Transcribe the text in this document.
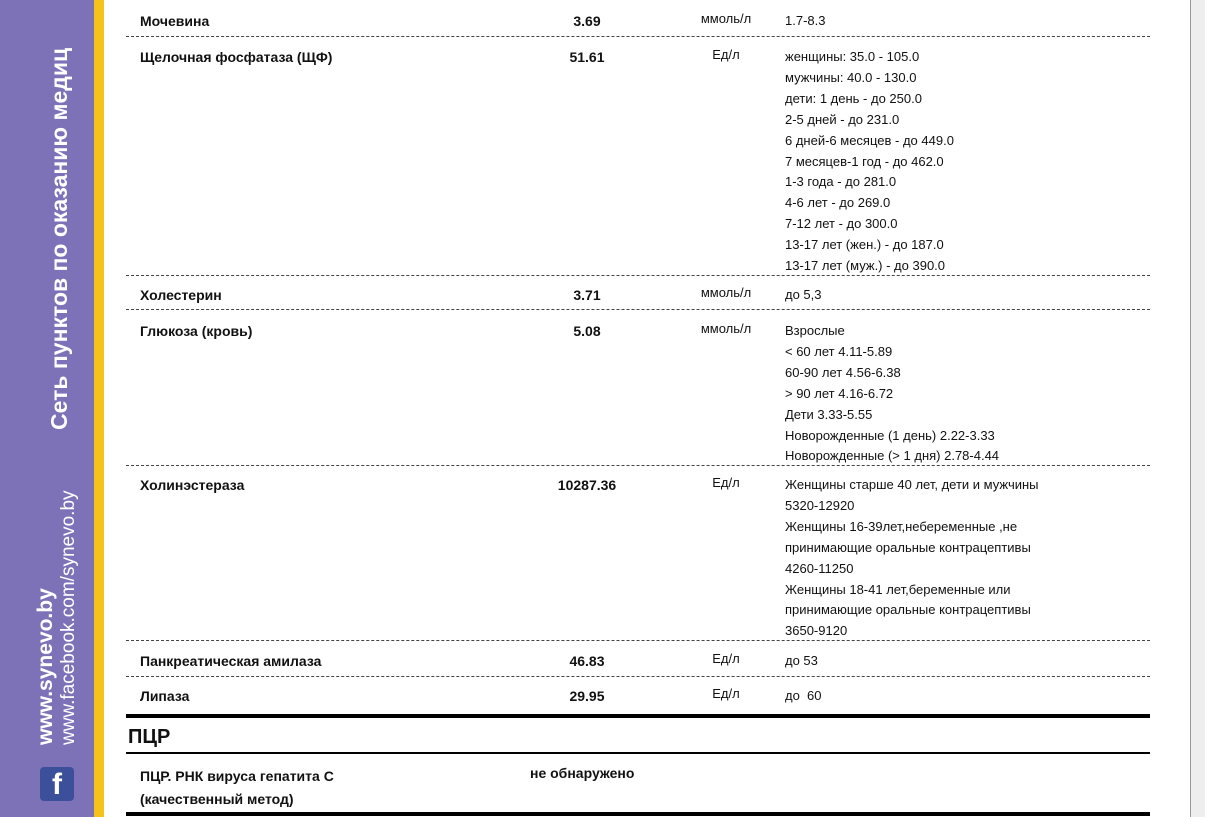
Сеть пунктов по оказанию медиц
www.synevo.by www.facebook.com/synevo.by
f
Мочевина	3.69	ммоль/л	1.7-8.3
Щелочная фосфатаза (ЩФ)	51.61	Ед/л	женщины: 35.0 - 105.0
мужчины: 40.0 - 130.0
дети: 1 день - до 250.0
2-5 дней - до 231.0
6 дней-6 месяцев - до 449.0
7 месяцев-1 год - до 462.0
1-3 года - до 281.0
4-6 лет - до 269.0
7-12 лет - до 300.0
13-17 лет (жен.) - до 187.0
13-17 лет (муж.) - до 390.0
Холестерин	3.71	ммоль/л	до 5,3
Глюкоза (кровь)	5.08	ммоль/л	Взрослые
< 60 лет 4.11-5.89
60-90 лет 4.56-6.38
> 90 лет 4.16-6.72
Дети 3.33-5.55
Новорожденные (1 день) 2.22-3.33
Новорожденные (> 1 дня) 2.78-4.44
Холинэстераза	10287.36	Ед/л	Женщины старше 40 лет, дети и мужчины
5320-12920
Женщины 16-39лет,небеременные ,не
принимающие оральные контрацептивы
4260-11250
Женщины 18-41 лет,беременные или
принимающие оральные контрацептивы
3650-9120
Панкреатическая амилаза	46.83	Ед/л	до 53
Липаза	29.95	Ед/л	до  60
ПЦР
ПЦР. РНК вируса гепатита С
(качественный метод)
не обнаружено
